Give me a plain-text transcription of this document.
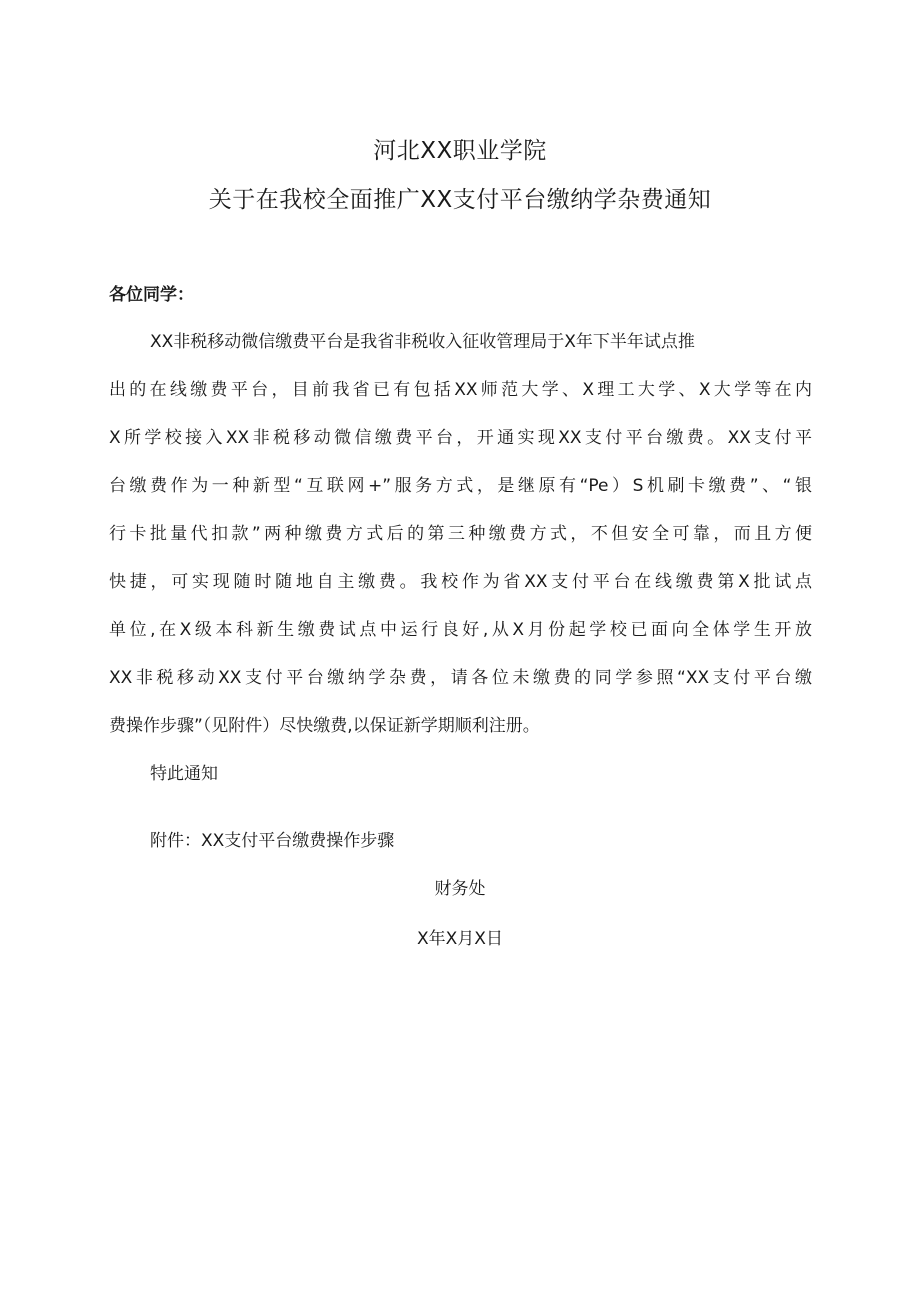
河北XX职业学院
关于在我校全面推广XX支付平台缴纳学杂费通知
各位同学：
XX非税移动微信缴费平台是我省非税收入征收管理局于X年下半年试点推
出的在线缴费平台，目前我省已有包括XX师范大学、X理工大学、X大学等在内
X所学校接入XX非税移动微信缴费平台，开通实现XX支付平台缴费。XX支付平
台缴费作为一种新型“互联网+”服务方式，是继原有“Pe）S机刷卡缴费”、“银
行卡批量代扣款”两种缴费方式后的第三种缴费方式，不但安全可靠，而且方便
快捷，可实现随时随地自主缴费。我校作为省XX支付平台在线缴费第X批试点
单位,在X级本科新生缴费试点中运行良好,从X月份起学校已面向全体学生开放
XX非税移动XX支付平台缴纳学杂费，请各位未缴费的同学参照“XX支付平台缴
费操作步骤”（见附件）尽快缴费,以保证新学期顺利注册。
特此通知
附件：XX支付平台缴费操作步骤
财务处
X年X月X日
